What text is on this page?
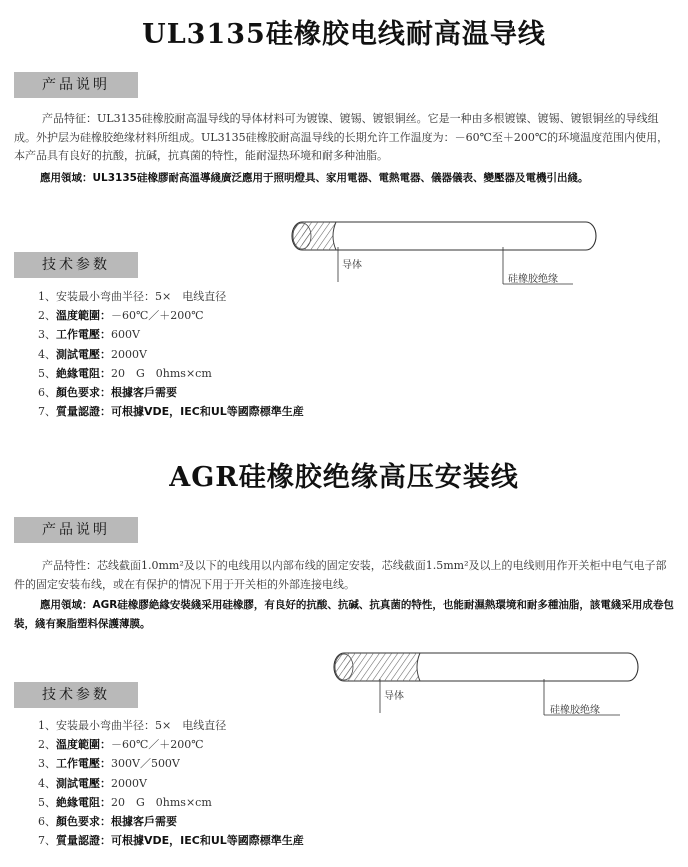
UL3135硅橡胶电线耐高温导线
产品说明

产品特征：UL3135硅橡胶耐高温导线的导体材料可为镀镍、镀锡、镀银铜丝。它是一种由多根镀镍、镀锡、镀银铜丝的导线组成。外护层为硅橡胶绝缘材料所组成。UL3135硅橡胶耐高温导线的长期允许工作温度为：－60℃至＋200℃的环境温度范围内使用，本产品具有良好的抗酸，抗碱，抗真菌的特性，能耐湿热环境和耐多种油脂。

應用領域：UL3135硅橡膠耐高溫導綫廣泛應用于照明燈具、家用電器、電熱電器、儀器儀表、變壓器及電機引出綫。

导体
硅橡胶绝缘
技术参数
1、安装最小弯曲半径：5×　电线直径
2、溫度範圍：－60℃／＋200℃
3、工作電壓：600V
4、測試電壓：2000V
5、絶緣電阻：20　G　0hms×cm
6、顏色要求：根據客戶需要
7、質量認證：可根據VDE，IEC和UL等國際標準生産
AGR硅橡胶绝缘高压安装线
产品说明

产品特性：芯线截面1.0mm²及以下的电线用以内部布线的固定安装，芯线截面1.5mm²及以上的电线则用作开关柜中电气电子部件的固定安装布线，或在有保护的情况下用于开关柜的外部连接电线。

應用領域：AGR硅橡膠絶緣安裝綫采用硅橡膠，有良好的抗酸、抗碱、抗真菌的特性，也能耐濕熱環境和耐多種油脂，該電綫采用成卷包裝，綫有聚脂塑料保護薄膜。

导体
硅橡胶绝缘
技术参数
1、安装最小弯曲半径：5×　电线直径
2、溫度範圍：－60℃／＋200℃
3、工作電壓：300V／500V
4、測試電壓：2000V
5、絶緣電阻：20　G　0hms×cm
6、顏色要求：根據客戶需要
7、質量認證：可根據VDE，IEC和UL等國際標準生産
